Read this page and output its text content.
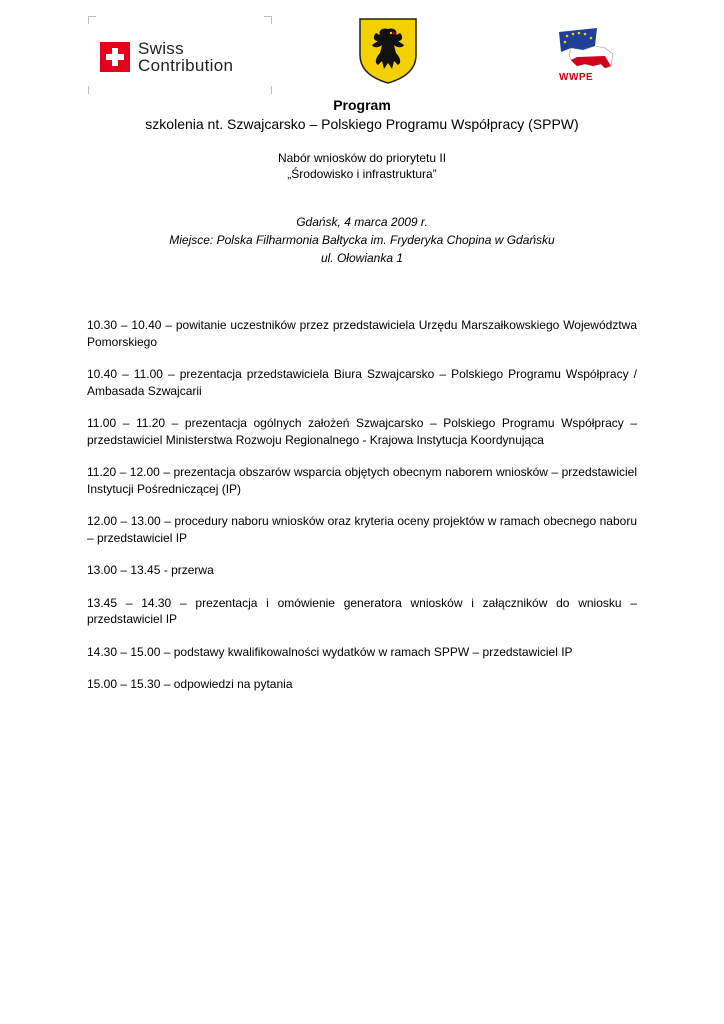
Swiss
Contribution
WWPE
Program
szkolenia nt. Szwajcarsko – Polskiego Programu Współpracy (SPPW)
Nabór wniosków do priorytetu II
„Środowisko i infrastruktura”
Gdańsk, 4 marca 2009 r.
Miejsce: Polska Filharmonia Bałtycka im. Fryderyka Chopina w Gdańsku
ul. Ołowianka 1
10.30 – 10.40 – powitanie uczestników przez przedstawiciela Urzędu Marszałkowskiego Województwa Pomorskiego
10.40 – 11.00 – prezentacja przedstawiciela Biura Szwajcarsko – Polskiego Programu Współpracy / Ambasada Szwajcarii
11.00 – 11.20 – prezentacja ogólnych założeń Szwajcarsko – Polskiego Programu Współpracy – przedstawiciel Ministerstwa Rozwoju Regionalnego - Krajowa Instytucja Koordynująca
11.20 – 12.00 – prezentacja obszarów wsparcia objętych obecnym naborem wniosków – przedstawiciel Instytucji Pośredniczącej (IP)
12.00 – 13.00 – procedury naboru wniosków oraz kryteria oceny projektów w ramach obecnego naboru – przedstawiciel IP
13.00 – 13.45 - przerwa
13.45 – 14.30 – prezentacja i omówienie generatora wniosków i załączników do wniosku – przedstawiciel IP
14.30 – 15.00 – podstawy kwalifikowalności wydatków w ramach SPPW – przedstawiciel IP
15.00 – 15.30 – odpowiedzi na pytania
